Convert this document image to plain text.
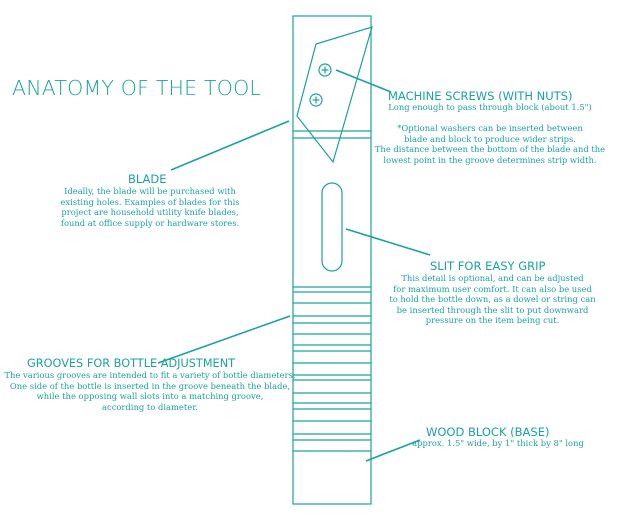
ANATOMY OF THE TOOL	MACHINE SCREWS (WITH NUTS)

Long enough to pass through block (about 1.5")

*Optional washers can be inserted between

blade and block to produce wider strips.

The distance between the bottom of the blade and the

lowest point in the groove determines strip width.

BLADE

Ideally, the blade will be purchased with

existing holes. Examples of blades for this

project are household utility knife blades,

found at office supply or hardware stores.

SLIT FOR EASY GRIP

This detail is optional, and can be adjusted

for maximum user comfort. It can also be used

to hold the bottle down, as a dowel or string can

be inserted through the slit to put downward

pressure on the item being cut.

GROOVES FOR BOTTLE ADJUSTMENT

The various grooves are intended to fit a variety of bottle diameters.

One side of the bottle is inserted in the groove beneath the blade,

while the opposing wall slots into a matching groove,

according to diameter.

WOOD BLOCK (BASE)

approx. 1.5" wide, by 1" thick by 8" long
